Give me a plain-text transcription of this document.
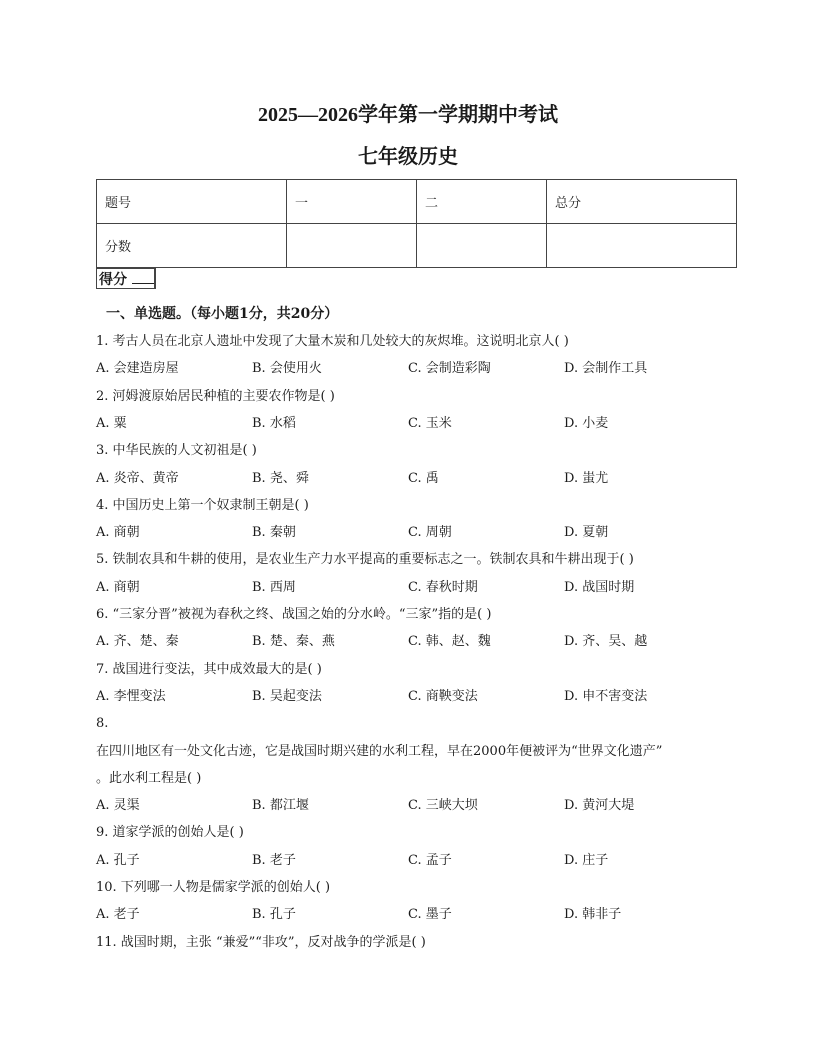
2025—2026学年第一学期期中考试
七年级历史
题号	一	二	总分
分数			
得分
一、单选题。（每小题1分，共20分）
1. 考古人员在北京人遗址中发现了大量木炭和几处较大的灰烬堆。这说明北京人( )
A. 会建造房屋	B. 会使用火	C. 会制造彩陶	D. 会制作工具
2. 河姆渡原始居民种植的主要农作物是( )
A. 粟	B. 水稻	C. 玉米	D. 小麦
3. 中华民族的人文初祖是( )
A. 炎帝、黄帝	B. 尧、舜	C. 禹	D. 蚩尤
4. 中国历史上第一个奴隶制王朝是( )
A. 商朝	B. 秦朝	C. 周朝	D. 夏朝
5. 铁制农具和牛耕的使用，是农业生产力水平提高的重要标志之一。铁制农具和牛耕出现于( )
A. 商朝	B. 西周	C. 春秋时期	D. 战国时期
6. “三家分晋”被视为春秋之终、战国之始的分水岭。“三家”指的是( )
A. 齐、楚、秦	B. 楚、秦、燕	C. 韩、赵、魏	D. 齐、吴、越
7. 战国进行变法，其中成效最大的是( )
A. 李悝变法	B. 吴起变法	C. 商鞅变法	D. 申不害变法
8.
在四川地区有一处文化古迹，它是战国时期兴建的水利工程，早在2000年便被评为“世界文化遗产”
。此水利工程是( )
A. 灵渠	B. 都江堰	C. 三峡大坝	D. 黄河大堤
9. 道家学派的创始人是( )
A. 孔子	B. 老子	C. 孟子	D. 庄子
10. 下列哪一人物是儒家学派的创始人( )
A. 老子	B. 孔子	C. 墨子	D. 韩非子
11. 战国时期，主张 “兼爱”“非攻”，反对战争的学派是( )
